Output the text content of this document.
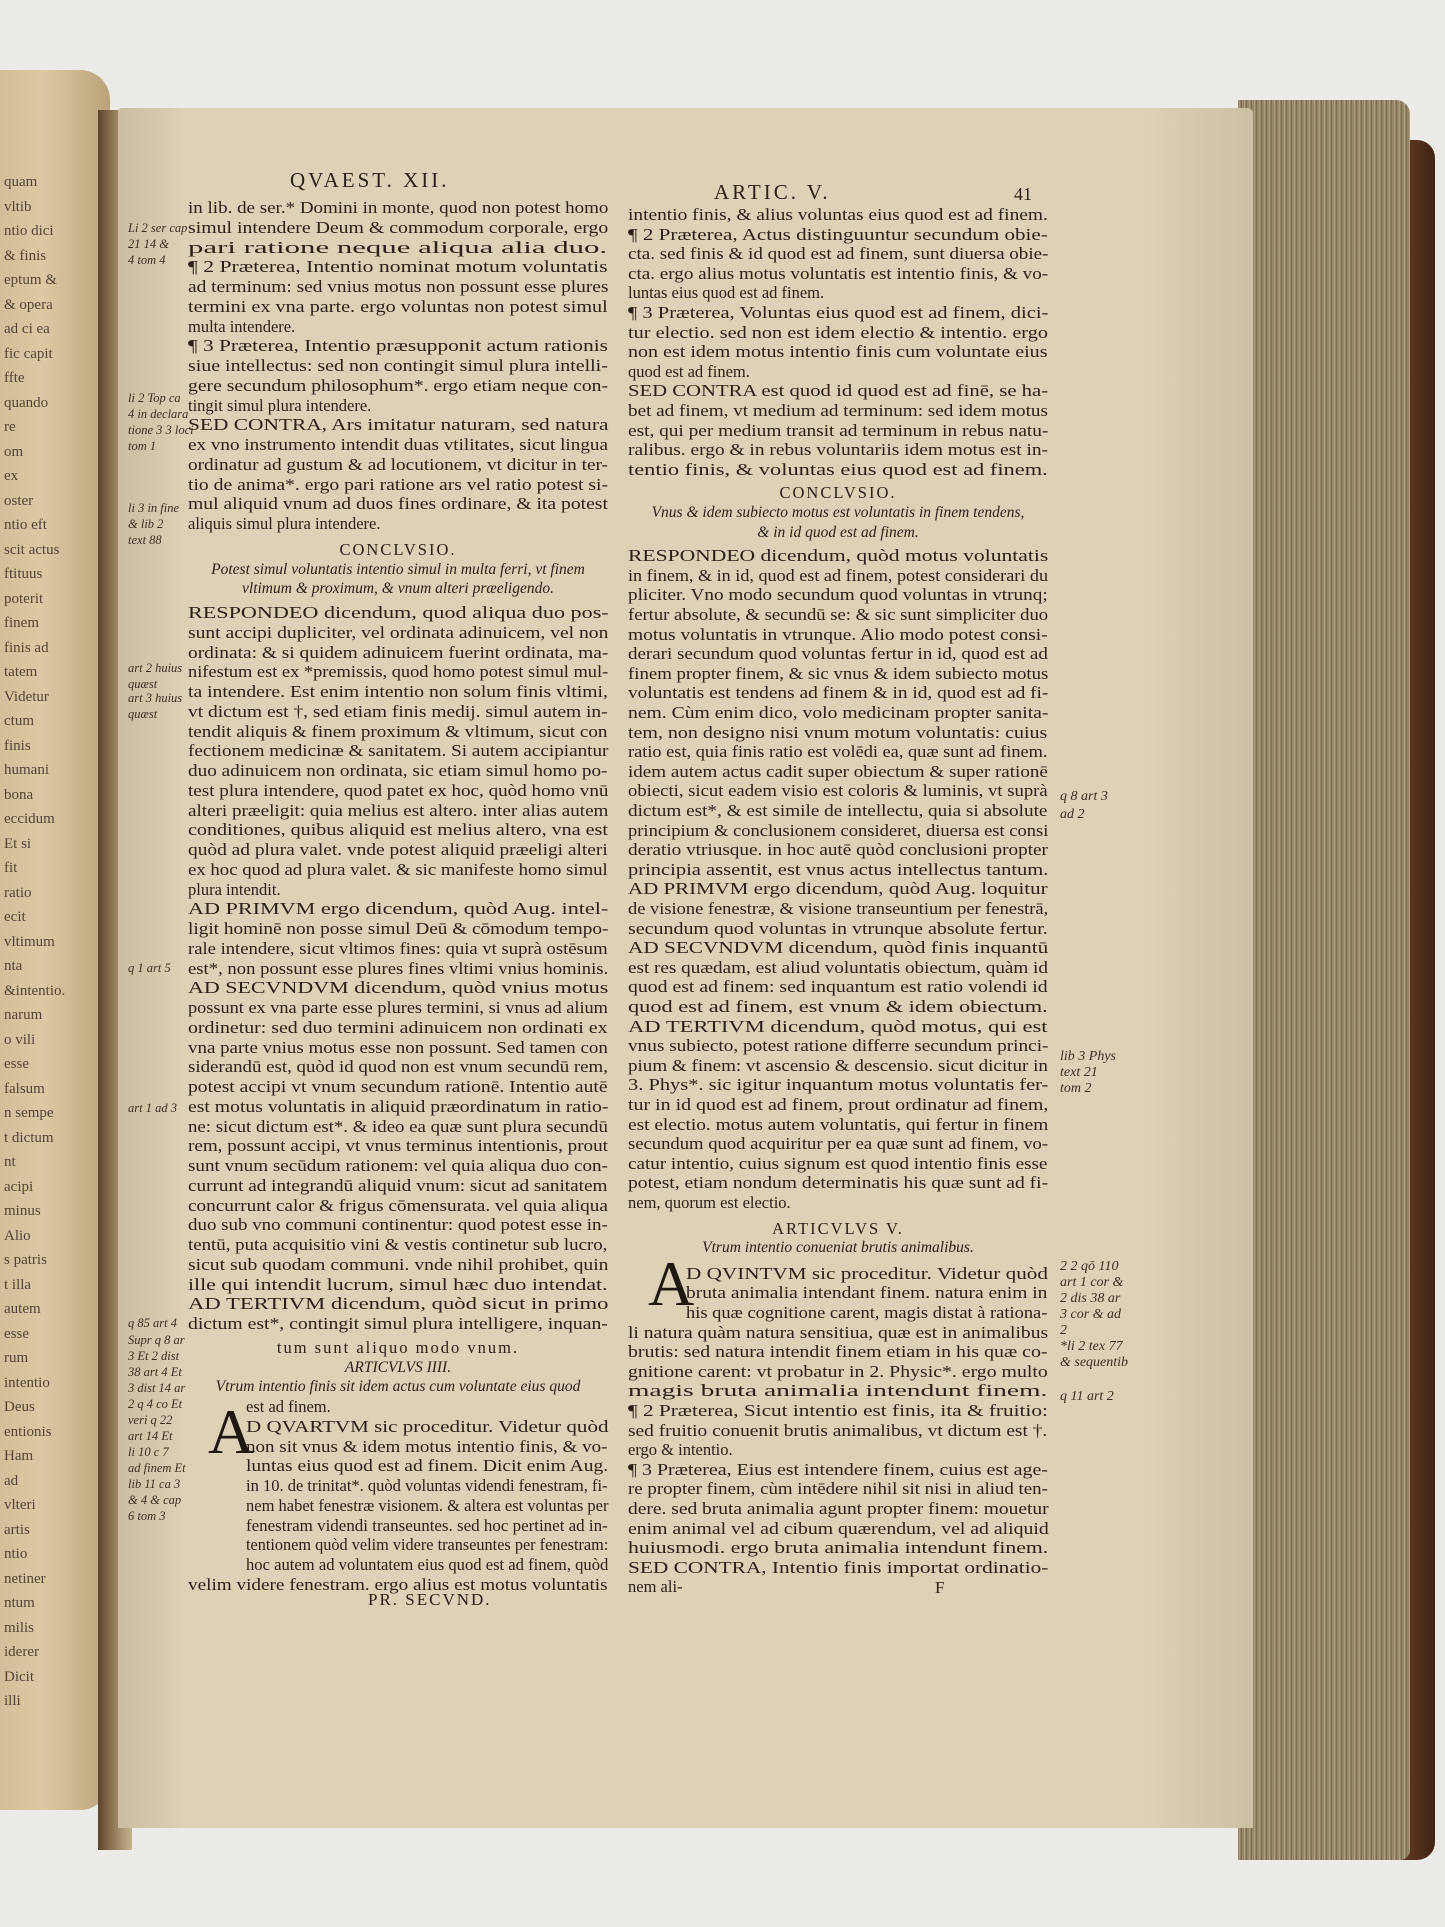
quam
vltib
ntio dici
& finis
eptum &
& opera
ad ci ea
fic capit
ffte
quando
re
om
ex
oster
ntio eft
scit actus
ftituus
poterit
finem
finis ad
tatem
Videtur
ctum
finis
humani
bona
eccidum
Et si
fit
ratio
ecit
vltimum
nta
&intentio.
narum
o vili
esse
falsum
n sempe
t dictum
nt
acipi
minus
Alio
s patris
t illa
autem
esse
rum
intentio
Deus
entionis
Ham
ad
vlteri
artis
ntio
netiner
ntum
milis
iderer
Dicit
illi
QVAEST. XII.	ARTIC. V.	41
in lib. de ser.* Domini in monte, quod non potest homo
simul intendere Deum & commodum corporale, ergo
pari ratione neque aliqua alia duo.
¶ 2 Præterea, Intentio nominat motum voluntatis
ad terminum: sed vnius motus non possunt esse plures
termini ex vna parte. ergo voluntas non potest simul
multa intendere.
¶ 3 Præterea, Intentio præsupponit actum rationis
siue intellectus: sed non contingit simul plura intelli-
gere secundum philosophum*. ergo etiam neque con-
tingit simul plura intendere.
SED CONTRA, Ars imitatur naturam, sed natura
ex vno instrumento intendit duas vtilitates, sicut lingua
ordinatur ad gustum & ad locutionem, vt dicitur in ter-
tio de anima*. ergo pari ratione ars vel ratio potest si-
mul aliquid vnum ad duos fines ordinare, & ita potest
aliquis simul plura intendere.
CONCLVSIO.
Potest simul voluntatis intentio simul in multa ferri, vt finem
vltimum & proximum, & vnum alteri præeligendo.
RESPONDEO dicendum, quod aliqua duo pos-
sunt accipi dupliciter, vel ordinata adinuicem, vel non
ordinata: & si quidem adinuicem fuerint ordinata, ma-
nifestum est ex *premissis, quod homo potest simul mul-
ta intendere. Est enim intentio non solum finis vltimi,
vt dictum est †, sed etiam finis medij. simul autem in-
tendit aliquis & finem proximum & vltimum, sicut con
fectionem medicinæ & sanitatem. Si autem accipiantur
duo adinuicem non ordinata, sic etiam simul homo po-
test plura intendere, quod patet ex hoc, quòd homo vnū
alteri præeligit: quia melius est altero. inter alias autem
conditiones, quibus aliquid est melius altero, vna est
quòd ad plura valet. vnde potest aliquid præeligi alteri
ex hoc quod ad plura valet. & sic manifeste homo simul
plura intendit.
AD PRIMVM ergo dicendum, quòd Aug. intel-
ligit hominē non posse simul Deū & cōmodum tempo-
rale intendere, sicut vltimos fines: quia vt suprà ostēsum
est*, non possunt esse plures fines vltimi vnius hominis.
AD SECVNDVM dicendum, quòd vnius motus
possunt ex vna parte esse plures termini, si vnus ad alium
ordinetur: sed duo termini adinuicem non ordinati ex
vna parte vnius motus esse non possunt. Sed tamen con
siderandū est, quòd id quod non est vnum secundū rem,
potest accipi vt vnum secundum rationē. Intentio autē
est motus voluntatis in aliquid præordinatum in ratio-
ne: sicut dictum est*. & ideo ea quæ sunt plura secundū
rem, possunt accipi, vt vnus terminus intentionis, prout
sunt vnum secūdum rationem: vel quia aliqua duo con-
currunt ad integrandū aliquid vnum: sicut ad sanitatem
concurrunt calor & frigus cōmensurata. vel quia aliqua
duo sub vno communi continentur: quod potest esse in-
tentū, puta acquisitio vini & vestis continetur sub lucro,
sicut sub quodam communi. vnde nihil prohibet, quin
ille qui intendit lucrum, simul hæc duo intendat.
AD TERTIVM dicendum, quòd sicut in primo
dictum est*, contingit simul plura intelligere, inquan-
tum sunt aliquo modo vnum.
ARTICVLVS IIII.
Vtrum intentio finis sit idem actus cum voluntate eius quod
est ad finem.
D QVARTVM sic proceditur. Videtur quòd
non sit vnus & idem motus intentio finis, & vo-
luntas eius quod est ad finem. Dicit enim Aug.
in 10. de trinitat*. quòd voluntas videndi fenestram, fi-
nem habet fenestræ visionem. & altera est voluntas per
fenestram videndi transeuntes. sed hoc pertinet ad in-
tentionem quòd velim videre transeuntes per fenestram:
hoc autem ad voluntatem eius quod est ad finem, quòd
velim videre fenestram. ergo alius est motus voluntatis
intentio finis, & alius voluntas eius quod est ad finem.
¶ 2 Præterea, Actus distinguuntur secundum obie-
cta. sed finis & id quod est ad finem, sunt diuersa obie-
cta. ergo alius motus voluntatis est intentio finis, & vo-
luntas eius quod est ad finem.
¶ 3 Præterea, Voluntas eius quod est ad finem, dici-
tur electio. sed non est idem electio & intentio. ergo
non est idem motus intentio finis cum voluntate eius
quod est ad finem.
SED CONTRA est quod id quod est ad finē, se ha-
bet ad finem, vt medium ad terminum: sed idem motus
est, qui per medium transit ad terminum in rebus natu-
ralibus. ergo & in rebus voluntariis idem motus est in-
tentio finis, & voluntas eius quod est ad finem.
CONCLVSIO.
Vnus & idem subiecto motus est voluntatis in finem tendens,
& in id quod est ad finem.
RESPONDEO dicendum, quòd motus voluntatis
in finem, & in id, quod est ad finem, potest considerari du
pliciter. Vno modo secundum quod voluntas in vtrunq;
fertur absolute, & secundū se: & sic sunt simpliciter duo
motus voluntatis in vtrunque. Alio modo potest consi-
derari secundum quod voluntas fertur in id, quod est ad
finem propter finem, & sic vnus & idem subiecto motus
voluntatis est tendens ad finem & in id, quod est ad fi-
nem. Cùm enim dico, volo medicinam propter sanita-
tem, non designo nisi vnum motum voluntatis: cuius
ratio est, quia finis ratio est volēdi ea, quæ sunt ad finem.
idem autem actus cadit super obiectum & super rationē
obiecti, sicut eadem visio est coloris & luminis, vt suprà
dictum est*, & est simile de intellectu, quia si absolute
principium & conclusionem consideret, diuersa est consi
deratio vtriusque. in hoc autē quòd conclusioni propter
principia assentit, est vnus actus intellectus tantum.
AD PRIMVM ergo dicendum, quòd Aug. loquitur
de visione fenestræ, & visione transeuntium per fenestrā,
secundum quod voluntas in vtrunque absolute fertur.
AD SECVNDVM dicendum, quòd finis inquantū
est res quædam, est aliud voluntatis obiectum, quàm id
quod est ad finem: sed inquantum est ratio volendi id
quod est ad finem, est vnum & idem obiectum.
AD TERTIVM dicendum, quòd motus, qui est
vnus subiecto, potest ratione differre secundum princi-
pium & finem: vt ascensio & descensio. sicut dicitur in
3. Phys*. sic igitur inquantum motus voluntatis fer-
tur in id quod est ad finem, prout ordinatur ad finem,
est electio. motus autem voluntatis, qui fertur in finem
secundum quod acquiritur per ea quæ sunt ad finem, vo-
catur intentio, cuius signum est quod intentio finis esse
potest, etiam nondum determinatis his quæ sunt ad fi-
nem, quorum est electio.
ARTICVLVS V.
Vtrum intentio conueniat brutis animalibus.
D QVINTVM sic proceditur. Videtur quòd
bruta animalia intendant finem. natura enim in
his quæ cognitione carent, magis distat à rationa-
li natura quàm natura sensitiua, quæ est in animalibus
brutis: sed natura intendit finem etiam in his quæ co-
gnitione carent: vt probatur in 2. Physic*. ergo multo
magis bruta animalia intendunt finem.
¶ 2 Præterea, Sicut intentio est finis, ita & fruitio:
sed fruitio conuenit brutis animalibus, vt dictum est †.
ergo & intentio.
¶ 3 Præterea, Eius est intendere finem, cuius est age-
re propter finem, cùm intēdere nihil sit nisi in aliud ten-
dere. sed bruta animalia agunt propter finem: mouetur
enim animal vel ad cibum quærendum, vel ad aliquid
huiusmodi. ergo bruta animalia intendunt finem.
SED CONTRA, Intentio finis importat ordinatio-
nem ali-
A
A
Li 2 ser cap
21 14 &
4 tom 4
li 2 Top ca
4 in declara
tione 3 3 loci
tom 1
li 3 in fine
& lib 2
text 88
art 2 huius
quæst
art 3 huius
quæst
q 1 art 5
art 1 ad 3
q 85 art 4
Supr q 8 ar
3 Et 2 dist
38 art 4 Et
3 dist 14 ar
2 q 4 co Et
veri q 22
art 14 Et
li 10 c 7
ad finem Et
lib 11 ca 3
& 4 & cap
6 tom 3
q 8 art 3
ad 2
lib 3 Phys
text 21
tom 2
2 2 qō 110
art 1 cor &
2 dis 38 ar
3 cor & ad
2
*li 2 tex 77
& sequentib
q 11 art 2
PR. SECVND.
F
